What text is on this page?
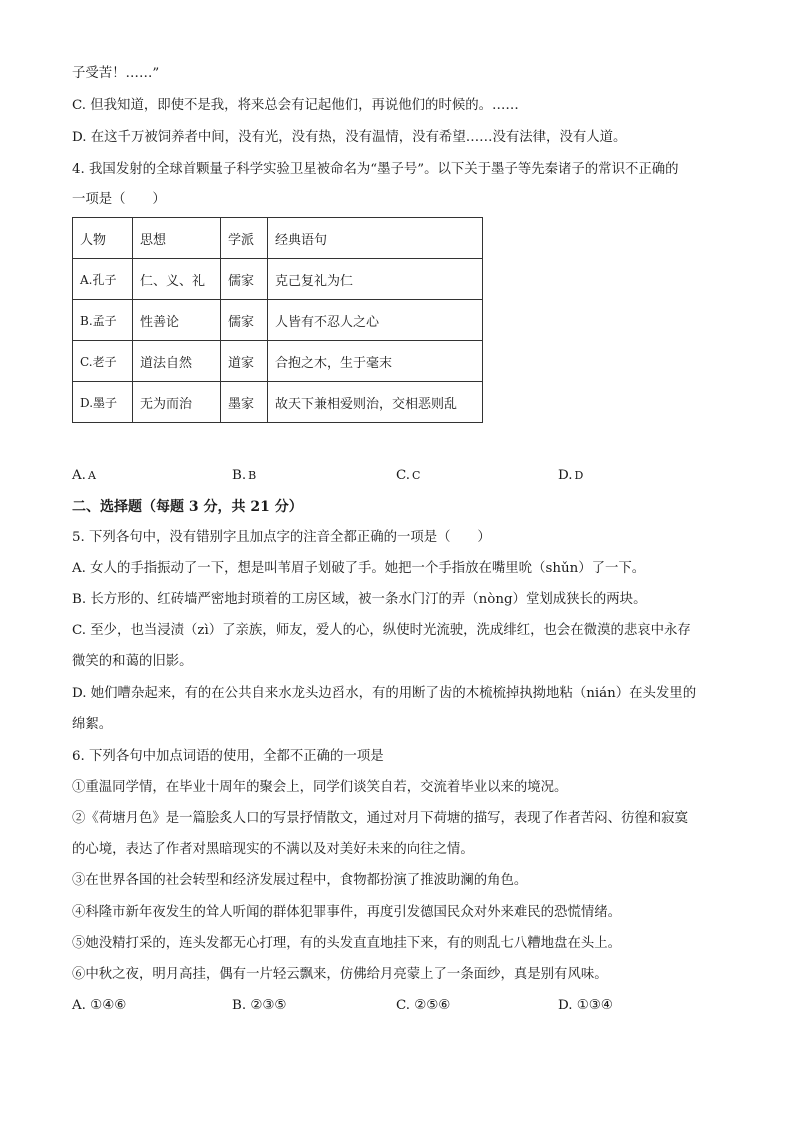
子受苦！……”
C. 但我知道，即使不是我，将来总会有记起他们，再说他们的时候的。……
D. 在这千万被饲养者中间，没有光，没有热，没有温情，没有希望……没有法律，没有人道。
4. 我国发射的全球首颗量子科学实验卫星被命名为“墨子号”。以下关于墨子等先秦诸子的常识不正确的
一项是（　　）
人物	思想	学派	经典语句
A.孔子	仁、义、礼	儒家	克己复礼为仁
B.孟子	性善论	儒家	人皆有不忍人之心
C.老子	道法自然	道家	合抱之木，生于毫末
D.墨子	无为而治	墨家	故天下兼相爱则治，交相恶则乱
A. A	B. B	C. C	D. D
二、选择题（每题 3 分，共 21 分）
5. 下列各句中，没有错别字且加点字的注音全都正确的一项是（　　）
A. 女人的手指振动了一下，想是叫苇眉子划破了手。她把一个手指放在嘴里吮（shǔn）了一下。
B. 长方形的、红砖墙严密地封琐着的工房区域，被一条水门汀的弄（nòng）堂划成狭长的两块。
C. 至少，也当浸渍（zì）了亲族，师友，爱人的心，纵使时光流驶，洗成绯红，也会在微漠的悲哀中永存
微笑的和蔼的旧影。
D. 她们嘈杂起来，有的在公共自来水龙头边舀水，有的用断了齿的木梳梳掉执拗地粘（nián）在头发里的
绵絮。
6. 下列各句中加点词语的使用，全都不正确的一项是
①重温同学情，在毕业十周年的聚会上，同学们谈笑自若，交流着毕业以来的境况。
②《荷塘月色》是一篇脍炙人口的写景抒情散文，通过对月下荷塘的描写，表现了作者苦闷、彷徨和寂寞
的心境，表达了作者对黑暗现实的不满以及对美好未来的向往之情。
③在世界各国的社会转型和经济发展过程中，食物都扮演了推波助澜的角色。
④科隆市新年夜发生的耸人听闻的群体犯罪事件，再度引发德国民众对外来难民的恐慌情绪。
⑤她没精打采的，连头发都无心打理，有的头发直直地挂下来，有的则乱七八糟地盘在头上。
⑥中秋之夜，明月高挂，偶有一片轻云飘来，仿佛给月亮蒙上了一条面纱，真是别有风味。
A. ①④⑥	B. ②③⑤	C. ②⑤⑥	D. ①③④
